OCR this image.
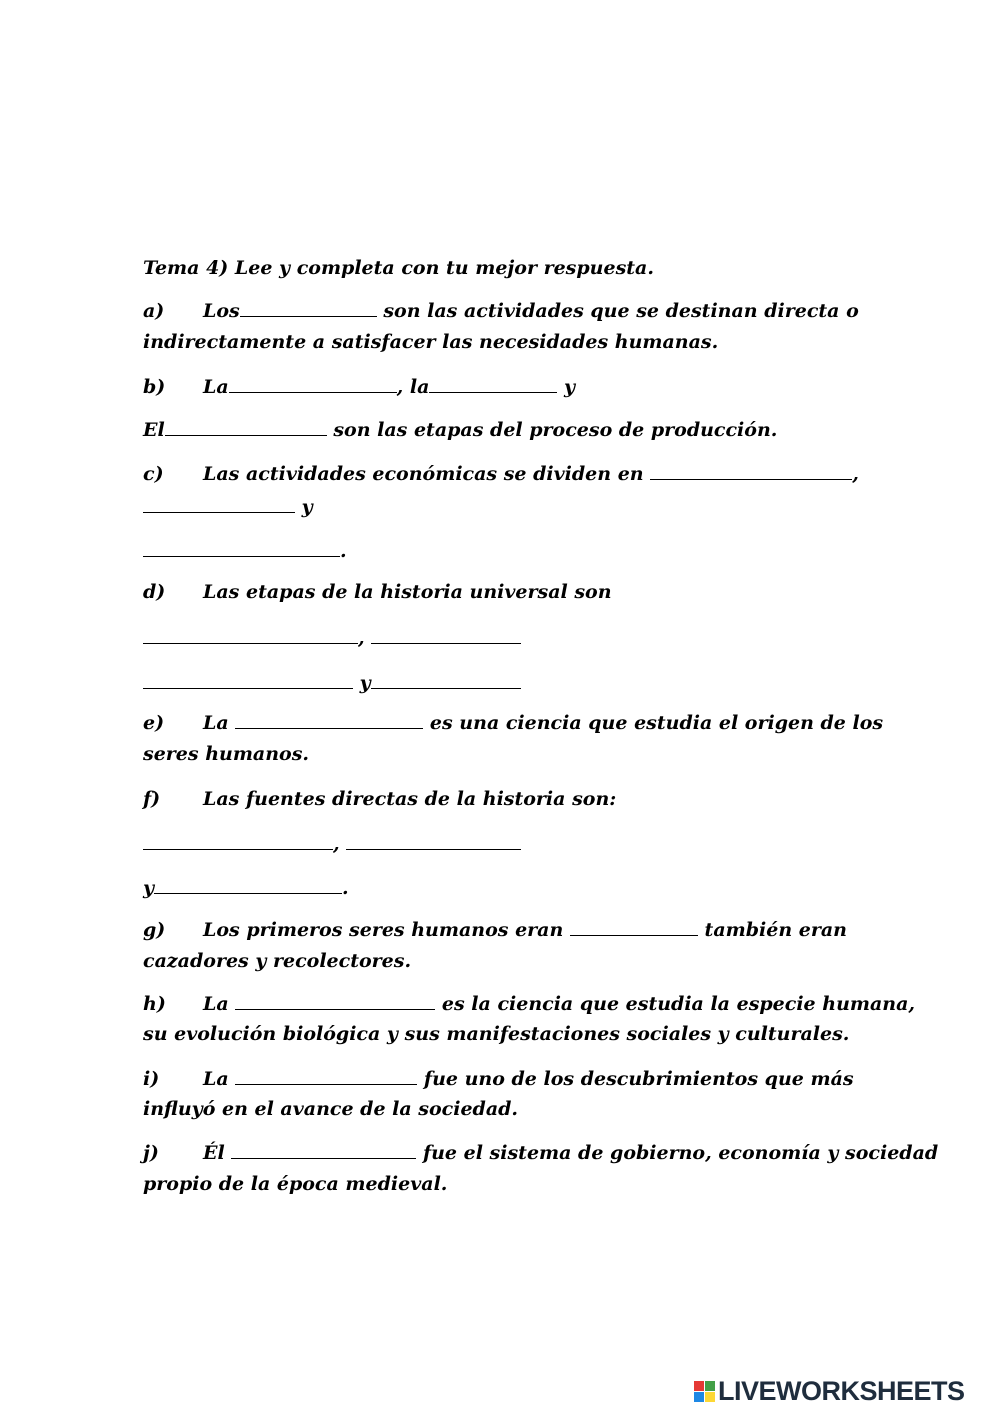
Tema 4) Lee y completa con tu mejor respuesta.
a) Los	son las actividades que se destinan directa o
indirectamente a satisfacer las necesidades humanas.
b) La	, la	y
El	son las etapas del proceso de producción.
c) Las actividades económicas se dividen en	,
y
.
d) Las etapas de la historia universal son
,
y
e) La	es una ciencia que estudia el origen de los
seres humanos.
f) Las fuentes directas de la historia son:
,
y	.
g) Los primeros seres humanos eran	también eran
cazadores y recolectores.
h) La	es la ciencia que estudia la especie humana,
su evolución biológica y sus manifestaciones sociales y culturales.
i) La	fue uno de los descubrimientos que más
influyó en el avance de la sociedad.
j) Él	fue el sistema de gobierno, economía y sociedad
propio de la época medieval.
LIVEWORKSHEETS
